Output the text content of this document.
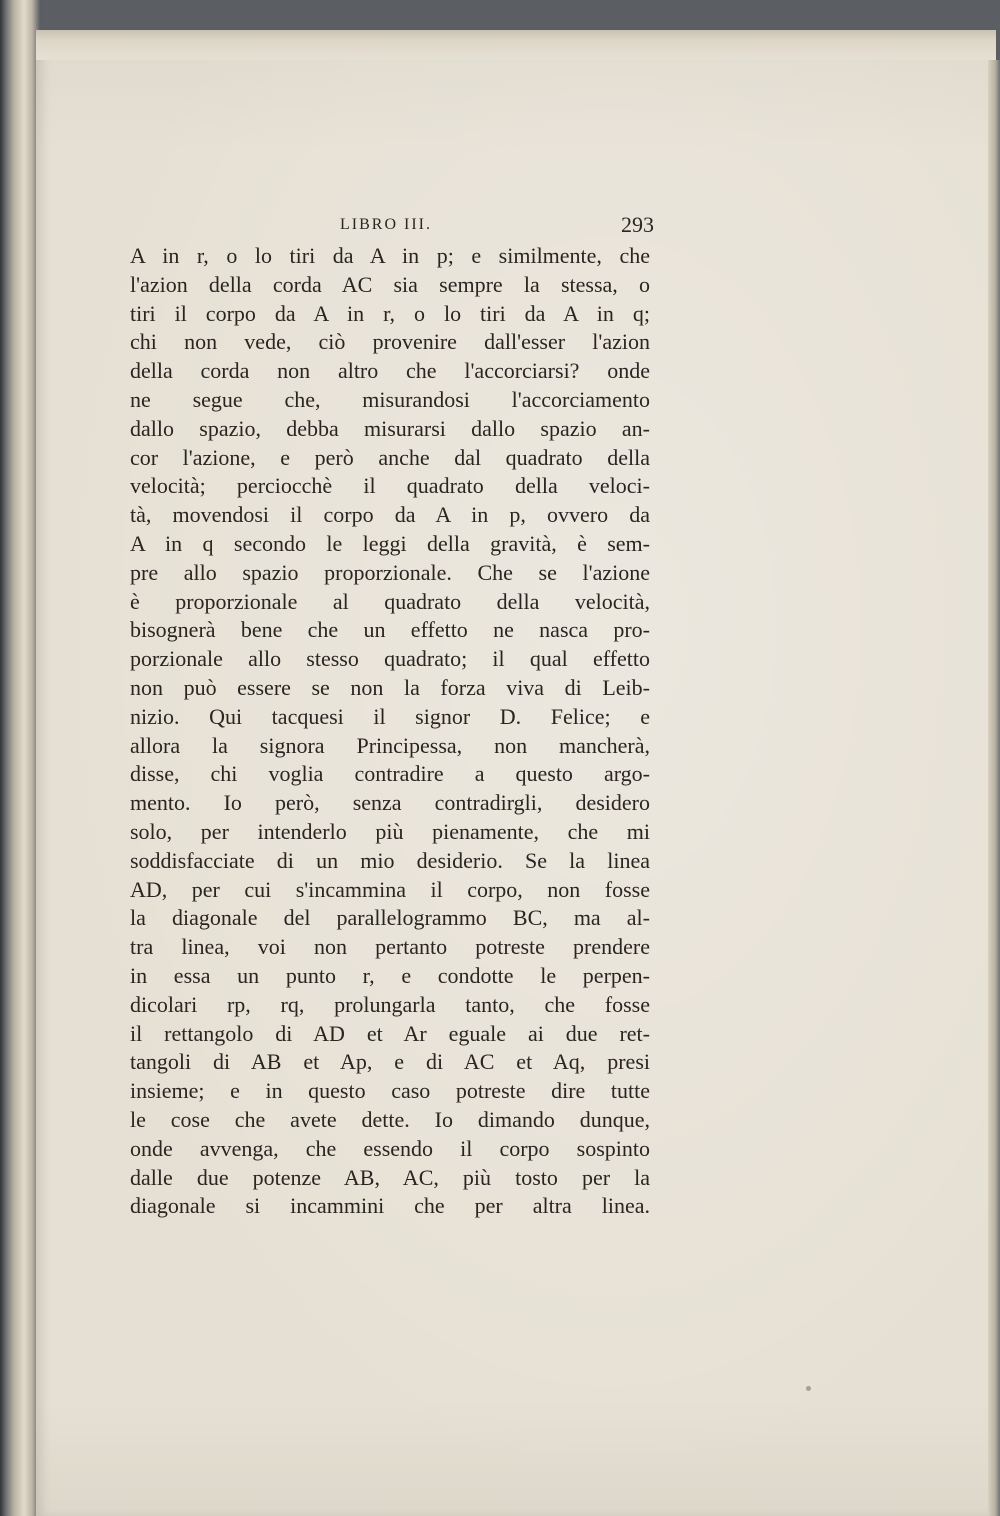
LIBRO III.	293
A in r, o lo tiri da A in p; e similmente, che
l'azion della corda AC sia sempre la stessa, o
tiri il corpo da A in r, o lo tiri da A in q;
chi non vede, ciò provenire dall'esser l'azion
della corda non altro che l'accorciarsi? onde
ne segue che, misurandosi l'accorciamento
dallo spazio, debba misurarsi dallo spazio an-
cor l'azione, e però anche dal quadrato della
velocità; perciocchè il quadrato della veloci-
tà, movendosi il corpo da A in p, ovvero da
A in q secondo le leggi della gravità, è sem-
pre allo spazio proporzionale. Che se l'azione
è proporzionale al quadrato della velocità,
bisognerà bene che un effetto ne nasca pro-
porzionale allo stesso quadrato; il qual effetto
non può essere se non la forza viva di Leib-
nizio. Qui tacquesi il signor D. Felice; e
allora la signora Principessa, non mancherà,
disse, chi voglia contradire a questo argo-
mento. Io però, senza contradirgli, desidero
solo, per intenderlo più pienamente, che mi
soddisfacciate di un mio desiderio. Se la linea
AD, per cui s'incammina il corpo, non fosse
la diagonale del parallelogrammo BC, ma al-
tra linea, voi non pertanto potreste prendere
in essa un punto r, e condotte le perpen-
dicolari rp, rq, prolungarla tanto, che fosse
il rettangolo di AD et Ar eguale ai due ret-
tangoli di AB et Ap, e di AC et Aq, presi
insieme; e in questo caso potreste dire tutte
le cose che avete dette. Io dimando dunque,
onde avvenga, che essendo il corpo sospinto
dalle due potenze AB, AC, più tosto per la
diagonale si incammini che per altra linea.
